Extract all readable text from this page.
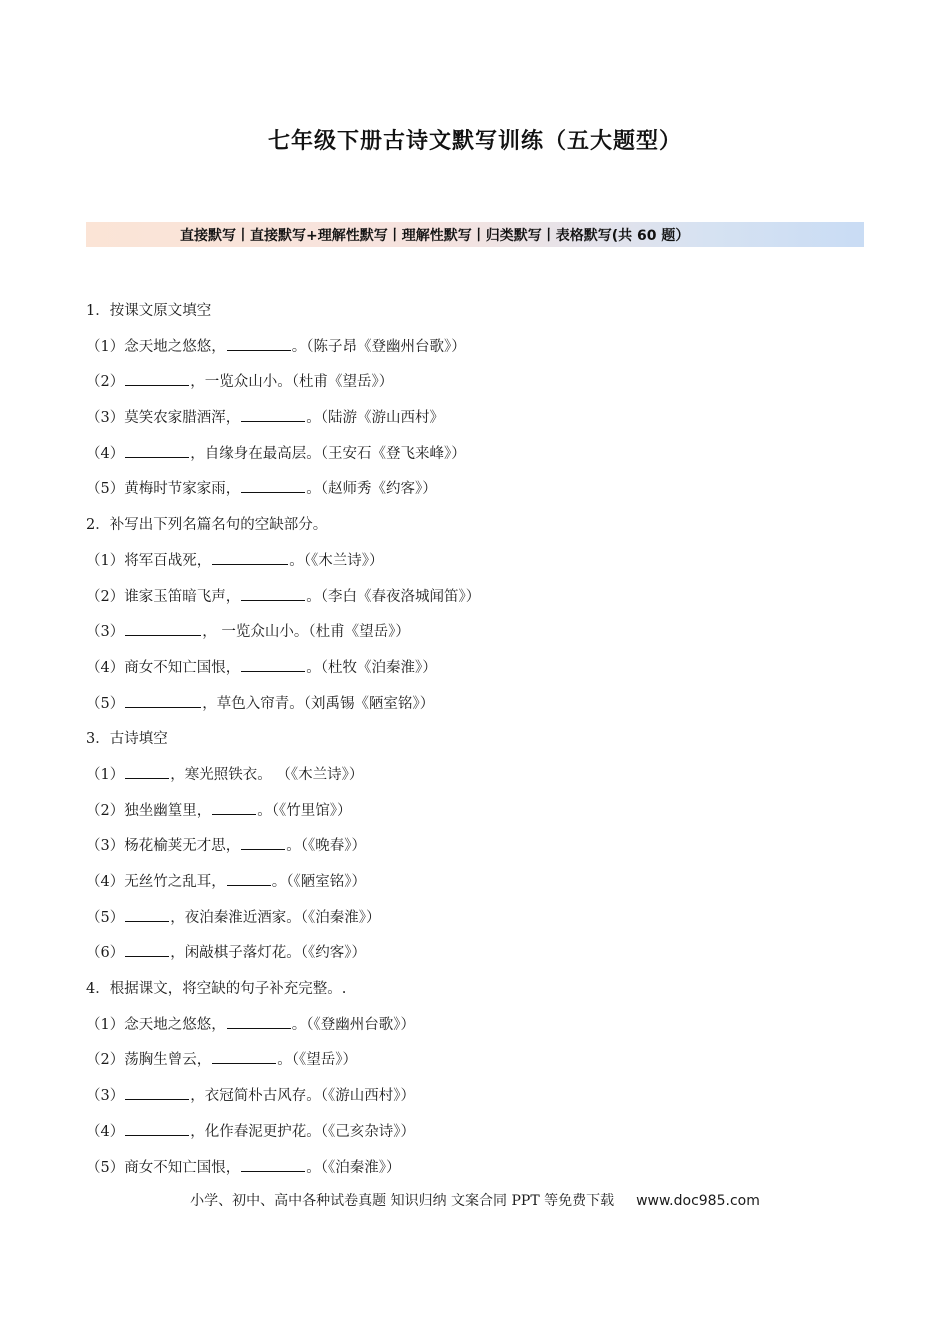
七年级下册古诗文默写训练（五大题型）
直接默写丨直接默写+理解性默写丨理解性默写丨归类默写丨表格默写(共 60 题）
1．按课文原文填空
（1）念天地之悠悠，	。（陈子昂《登幽州台歌》）
（2）	，一览众山小。（杜甫《望岳》）
（3）莫笑农家腊酒浑，	。（陆游《游山西村》
（4）	，自缘身在最高层。（王安石《登飞来峰》）
（5）黄梅时节家家雨，	。（赵师秀《约客》）
2．补写出下列名篇名句的空缺部分。
（1）将军百战死，	。（《木兰诗》）
（2）谁家玉笛暗飞声，	。（李白《春夜洛城闻笛》）
（3）	， 一览众山小。（杜甫《望岳》）
（4）商女不知亡国恨，	。（杜牧《泊秦淮》）
（5）	，草色入帘青。（刘禹锡《陋室铭》）
3．古诗填空
（1）	，寒光照铁衣。 （《木兰诗》）
（2）独坐幽篁里，	。（《竹里馆》）
（3）杨花榆荚无才思，	。（《晚春》）
（4）无丝竹之乱耳，	。（《陋室铭》）
（5）	，夜泊秦淮近酒家。（《泊秦淮》）
（6）	，闲敲棋子落灯花。（《约客》）
4．根据课文，将空缺的句子补充完整。.
（1）念天地之悠悠，	。（《登幽州台歌》）
（2）荡胸生曾云，	。（《望岳》）
（3）	，衣冠简朴古风存。（《游山西村》）
（4）	，化作春泥更护花。（《己亥杂诗》）
（5）商女不知亡国恨，	。（《泊秦淮》）
小学、初中、高中各种试卷真题 知识归纳 文案合同 PPT 等免费下载 www.doc985.com
